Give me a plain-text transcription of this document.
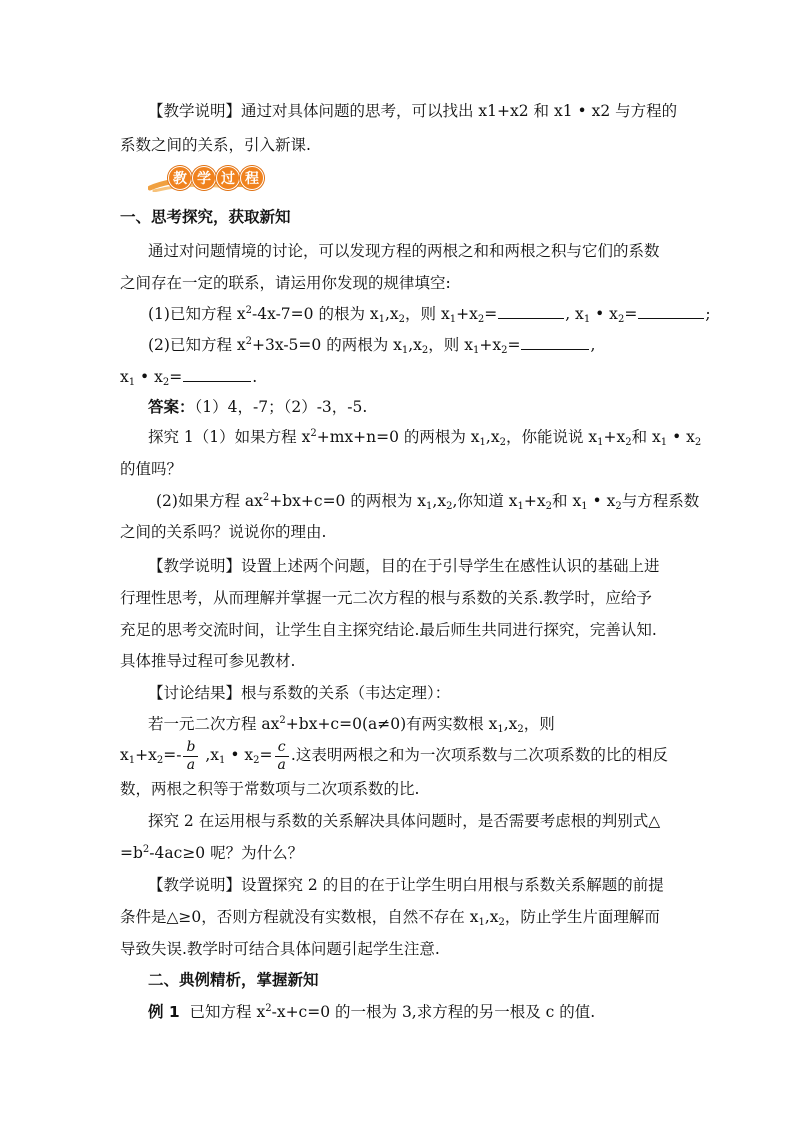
【教学说明】通过对具体问题的思考，可以找出 x1+x2 和 x1 • x2 与方程的
系数之间的关系，引入新课.
教 学 过 程
一、思考探究，获取新知
通过对问题情境的讨论，可以发现方程的两根之和和两根之积与它们的系数
之间存在一定的联系，请运用你发现的规律填空:
(1)已知方程 $x^2-4x-7=0$ 的根为 $x_1,x_2$，则 $x_1+x_2=$	, $x_1$ • $x_2=$	;
(2)已知方程 $x^2+3x-5=0$ 的两根为 $x_1,x_2$，则 $x_1+x_2=$	,
$x_1$ • $x_2=$	.
答案：（1）4，-7；（2）-3，-5.
探究 1（1）如果方程 $x^2+mx+n=0$ 的两根为 $x_1,x_2$，你能说说 $x_1+x_2$和 $x_1$ • $x_2$
的值吗？
(2)如果方程 $ax^2+bx+c=0$ 的两根为 $x_1,x_2$,你知道 $x_1+x_2$和 $x_1$ • $x_2$与方程系数
之间的关系吗？说说你的理由.
【教学说明】设置上述两个问题，目的在于引导学生在感性认识的基础上进
行理性思考，从而理解并掌握一元二次方程的根与系数的关系.教学时，应给予
充足的思考交流时间，让学生自主探究结论.最后师生共同进行探究，完善认知.
具体推导过程可参见教材.
【讨论结果】根与系数的关系（韦达定理）：
若一元二次方程 $ax^2+bx+c=0(a\ne 0)$有两实数根 $x_1,x_2$，则
$x_1+x_2=- \frac{b}{a} ,x_1$ • $x_2= \frac{c}{a}$ .这表明两根之和为一次项系数与二次项系数的比的相反
数，两根之积等于常数项与二次项系数的比.
探究 2 在运用根与系数的关系解决具体问题时，是否需要考虑根的判别式△
$=b^2-4ac\ge 0$ 呢？为什么？
【教学说明】设置探究 2 的目的在于让学生明白用根与系数关系解题的前提
条件是△≥0，否则方程就没有实数根，自然不存在 $x_1,x_2$，防止学生片面理解而
导致失误.教学时可结合具体问题引起学生注意.
二、典例精析，掌握新知
例 1 已知方程 $x^2-x+c=0$ 的一根为 3,求方程的另一根及 c 的值.
